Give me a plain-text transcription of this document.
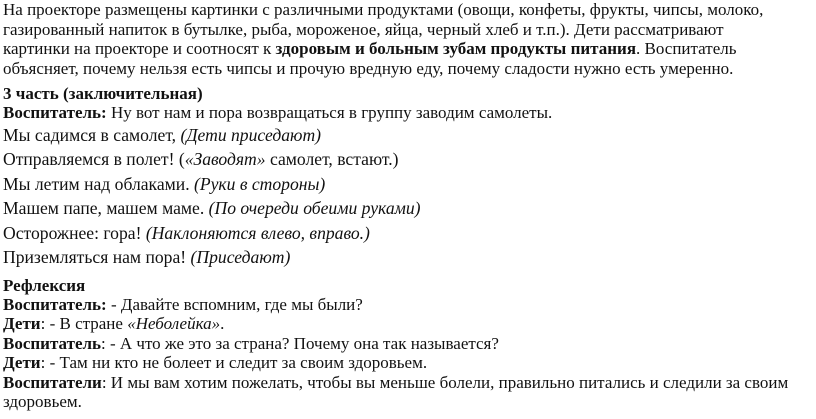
На проекторе размещены картинки с различными продуктами (овощи, конфеты, фрукты, чипсы, молоко,

газированный напиток в бутылке, рыба, мороженое, яйца, черный хлеб и т.п.). Дети рассматривают

картинки на проекторе и соотносят к здоровым и больным зубам продукты питания. Воспитатель

объясняет, почему нельзя есть чипсы и прочую вредную еду, почему сладости нужно есть умеренно.

3 часть (заключительная)

Воспитатель: Ну вот нам и пора возвращаться в группу заводим самолеты.

Мы садимся в самолет, (Дети приседают)

Отправляемся в полет! («Заводят» самолет, встают.)

Мы летим над облаками. (Руки в стороны)

Машем папе, машем маме. (По очереди обеими руками)

Осторожнее: гора! (Наклоняются влево, вправо.)

Приземляться нам пора! (Приседают)

Рефлексия

Воспитатель: - Давайте вспомним, где мы были?

Дети: - В стране «Неболейка».

Воспитатель: - А что же это за страна? Почему она так называется?

Дети: - Там ни кто не болеет и следит за своим здоровьем.

Воспитатели: И мы вам хотим пожелать, чтобы вы меньше болели, правильно питались и следили за своим

здоровьем.
